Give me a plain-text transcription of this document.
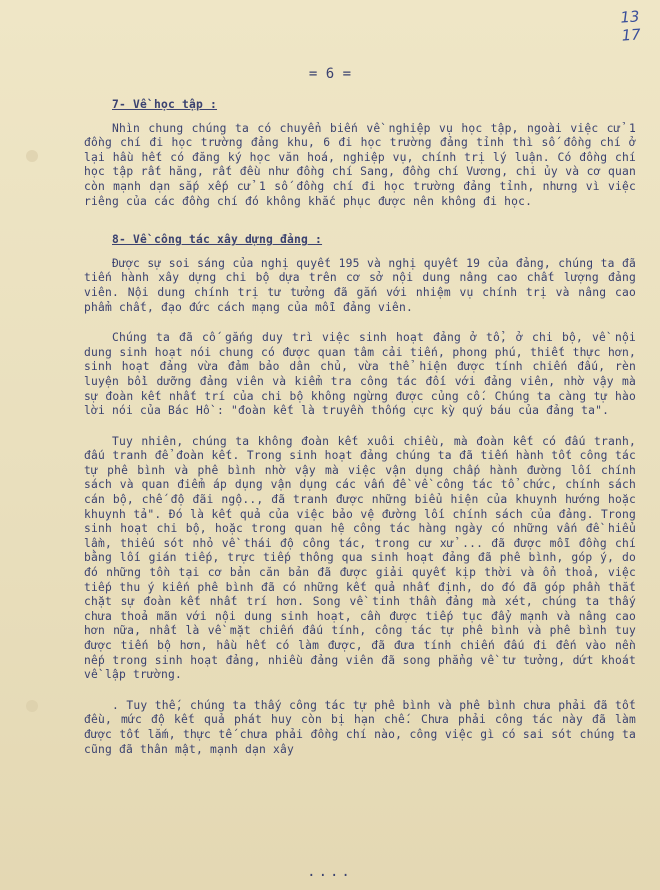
13
17
= 6 =
7- Về học tập :

Nhìn chung chúng ta có chuyển biến về nghiệp vụ học tập, ngoài việc cử 1 đồng chí đi học trường đảng khu, 6 đi học trường đảng tỉnh thì số đồng chí ở lại hầu hết có đăng ký học văn hoá, nghiệp vụ, chính trị lý luận. Có đồng chí học tập rất hăng, rất đều như đồng chí Sang, đồng chí Vương, chi ủy và cơ quan còn mạnh dạn sắp xếp cử 1 số đồng chí đi học trường đảng tỉnh, nhưng vì việc riêng của các đồng chí đó không khắc phục được nên không đi học.

8- Về công tác xây dựng đảng :

Được sự soi sáng của nghị quyết 195 và nghị quyết 19 của đảng, chúng ta đã tiến hành xây dựng chi bộ dựa trên cơ sở nội dung nâng cao chất lượng đảng viên. Nội dung chính trị tư tưởng đã gắn với nhiệm vụ chính trị và nâng cao phẩm chất, đạo đức cách mạng của mỗi đảng viên.

Chúng ta đã cố gắng duy trì việc sinh hoạt đảng ở tổ, ở chi bộ, về nội dung sinh hoạt nói chung có được quan tâm cải tiến, phong phú, thiết thực hơn, sinh hoạt đảng vừa đảm bảo dân chủ, vừa thể hiện được tính chiến đấu, rèn luyện bồi dưỡng đảng viên và kiểm tra công tác đối với đảng viên, nhờ vậy mà sự đoàn kết nhất trí của chi bộ không ngừng được củng cố. Chúng ta càng tự hào lời nói của Bác Hồ : "đoàn kết là truyền thống cực kỳ quý báu của đảng ta".

Tuy nhiên, chúng ta không đoàn kết xuôi chiều, mà đoàn kết có đấu tranh, đấu tranh để đoàn kết. Trong sinh hoạt đảng chúng ta đã tiến hành tốt công tác tự phê bình và phê bình nhờ vậy mà việc vận dụng chấp hành đường lối chính sách và quan điểm áp dụng vận dụng các vấn đề về công tác tổ chức, chính sách cán bộ, chế độ đãi ngộ.., đã tranh được những biểu hiện của khuynh hướng hoặc khuynh tả". Đó là kết quả của việc bảo vệ đường lối chính sách của đảng. Trong sinh hoạt chi bộ, hoặc trong quan hệ công tác hàng ngày có những vấn đề hiểu lầm, thiếu sót nhỏ về thái độ công tác, trong cư xử ... đã được mỗi đồng chí bằng lối gián tiếp, trực tiếp thông qua sinh hoạt đảng đã phê bình, góp ý, do đó những tồn tại cơ bản căn bản đã được giải quyết kịp thời và ổn thoả, việc tiếp thu ý kiến phê bình đã có những kết quả nhất định, do đó đã góp phần thắt chặt sự đoàn kết nhất trí hơn. Song về tinh thần đảng mà xét, chúng ta thấy chưa thoả mãn với nội dung sinh hoạt, cần được tiếp tục đẩy mạnh và nâng cao hơn nữa, nhất là về mặt chiến đấu tính, công tác tự phê bình và phê bình tuy được tiến bộ hơn, hầu hết có làm được, đã đưa tính chiến đấu đi đến vào nền nếp trong sinh hoạt đảng, nhiều đảng viên đã song phẳng về tư tưởng, dứt khoát về lập trường.

. Tuy thế, chúng ta thấy công tác tự phê bình và phê bình chưa phải đã tốt đều, mức độ kết quả phát huy còn bị hạn chế. Chưa phải công tác này đã làm được tốt lắm, thực tế chưa phải đồng chí nào, công việc gì có sai sót chúng ta cũng đã thân mật, mạnh dạn xây

....
